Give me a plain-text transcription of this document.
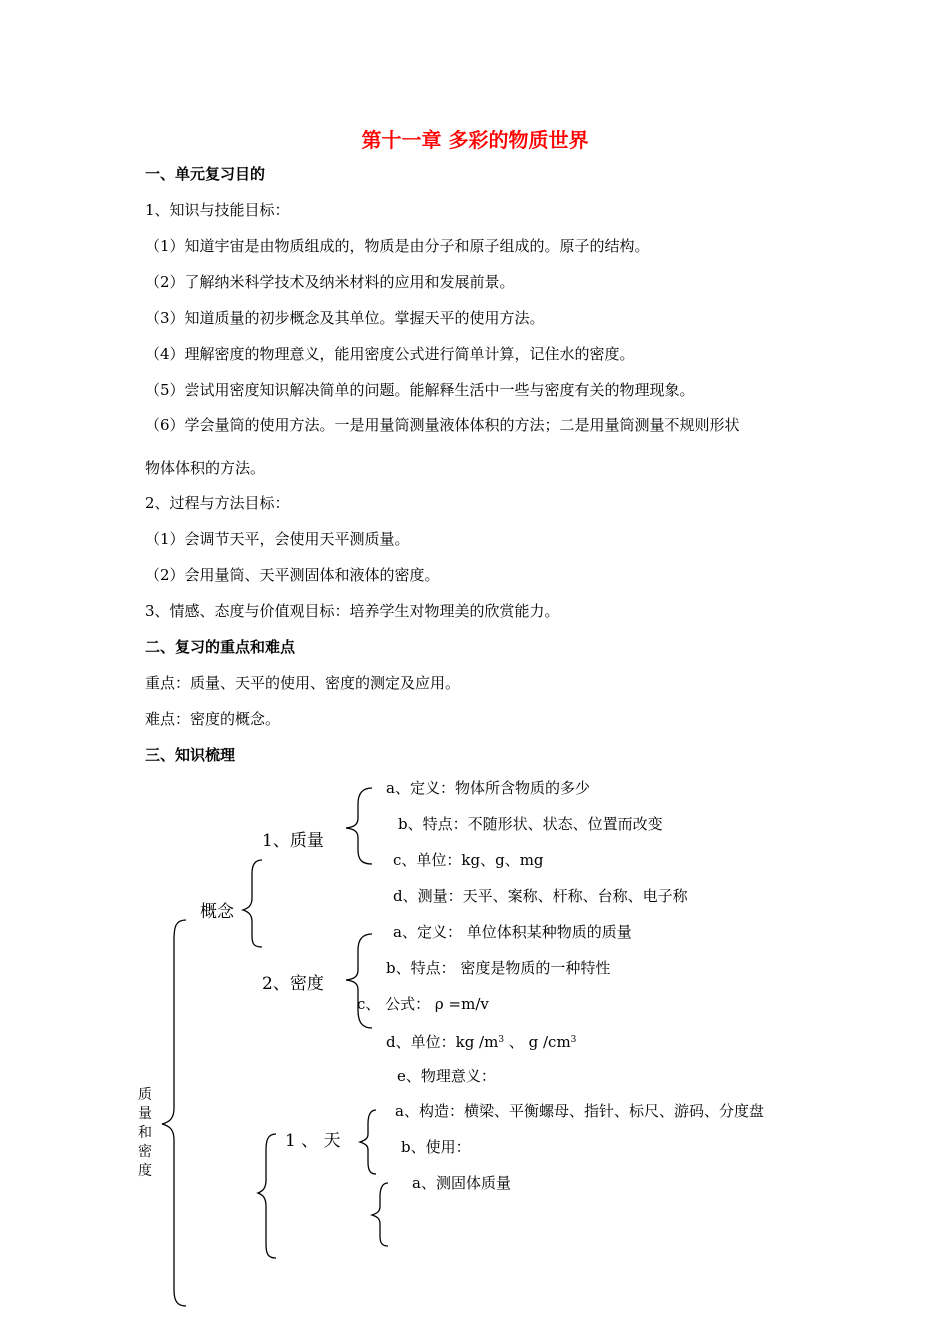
第十一章 多彩的物质世界
一、单元复习目的
1、知识与技能目标：
（1）知道宇宙是由物质组成的，物质是由分子和原子组成的。原子的结构。
（2）了解纳米科学技术及纳米材料的应用和发展前景。
（3）知道质量的初步概念及其单位。掌握天平的使用方法。
（4）理解密度的物理意义，能用密度公式进行简单计算，记住水的密度。
（5）尝试用密度知识解决简单的问题。能解释生活中一些与密度有关的物理现象。
（6）学会量筒的使用方法。一是用量筒测量液体体积的方法；二是用量筒测量不规则形状
物体体积的方法。
2、过程与方法目标：
（1）会调节天平，会使用天平测质量。
（2）会用量筒、天平测固体和液体的密度。
3、情感、态度与价值观目标：培养学生对物理美的欣赏能力。
二、复习的重点和难点
重点：质量、天平的使用、密度的测定及应用。
难点：密度的概念。
三、知识梳理
质
量
和
密
度
概念
1、质量
2、密度
a、定义：物体所含物质的多少
b、特点：不随形状、状态、位置而改变
c、单位：kg、g、mg
d、测量：天平、案称、杆称、台称、电子称
a、定义： 单位体积某种物质的质量
b、特点： 密度是物质的一种特性
c、 公式： ρ =m/v
d、单位：kg $/m^3$ 、 g $/cm^3$
e、物理意义：
1 、 天
a、构造：横梁、平衡螺母、指针、标尺、游码、分度盘
b、使用：
a、测固体质量
